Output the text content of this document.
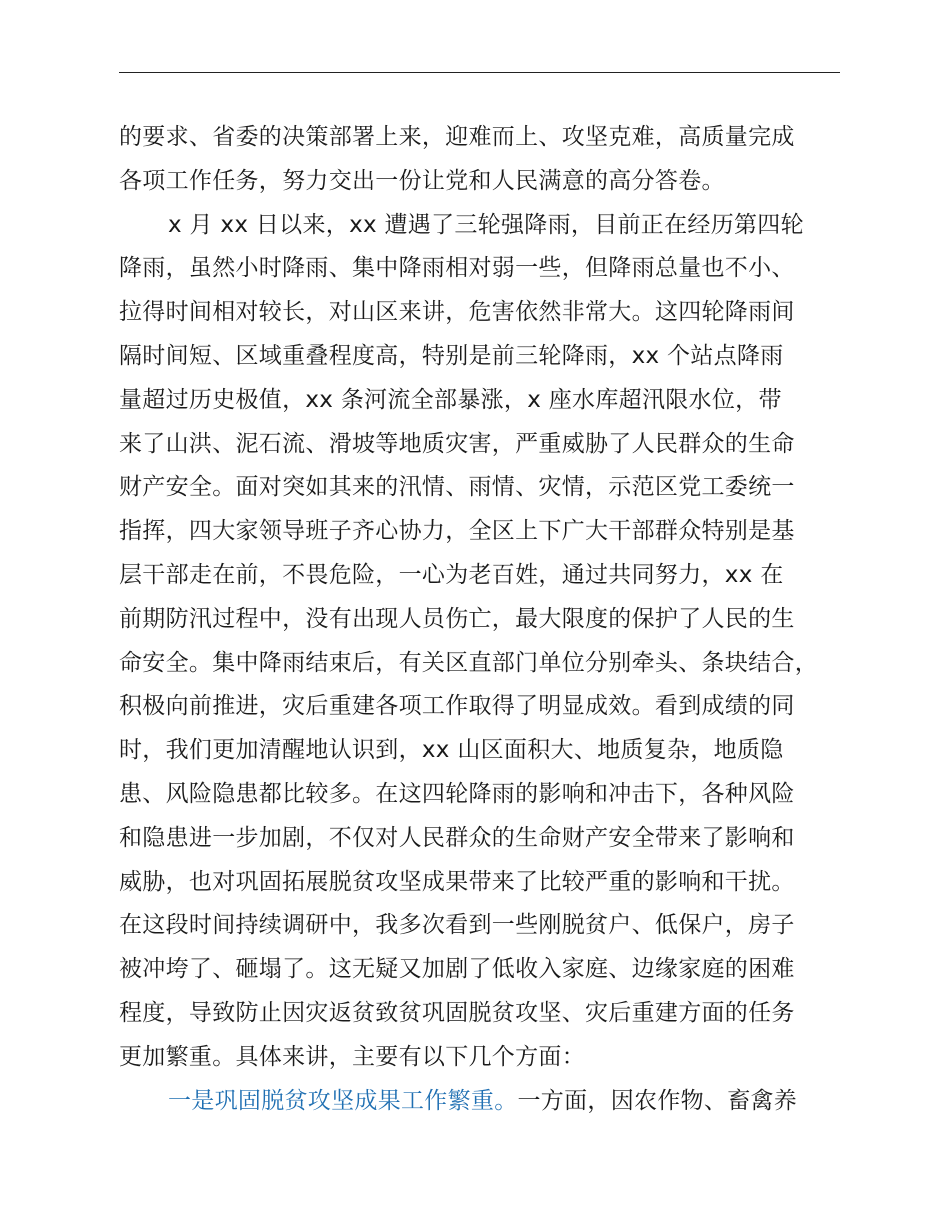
的要求、省委的决策部署上来，迎难而上、攻坚克难，高质量完成
各项工作任务，努力交出一份让党和人民满意的高分答卷。
x 月 xx 日以来，xx 遭遇了三轮强降雨，目前正在经历第四轮
降雨，虽然小时降雨、集中降雨相对弱一些，但降雨总量也不小、
拉得时间相对较长，对山区来讲，危害依然非常大。这四轮降雨间
隔时间短、区域重叠程度高，特别是前三轮降雨，xx 个站点降雨
量超过历史极值，xx 条河流全部暴涨，x 座水库超汛限水位，带
来了山洪、泥石流、滑坡等地质灾害，严重威胁了人民群众的生命
财产安全。面对突如其来的汛情、雨情、灾情，示范区党工委统一
指挥，四大家领导班子齐心协力，全区上下广大干部群众特别是基
层干部走在前，不畏危险，一心为老百姓，通过共同努力，xx 在
前期防汛过程中，没有出现人员伤亡，最大限度的保护了人民的生
命安全。集中降雨结束后，有关区直部门单位分别牵头、条块结合，
积极向前推进，灾后重建各项工作取得了明显成效。看到成绩的同
时，我们更加清醒地认识到，xx 山区面积大、地质复杂，地质隐
患、风险隐患都比较多。在这四轮降雨的影响和冲击下，各种风险
和隐患进一步加剧，不仅对人民群众的生命财产安全带来了影响和
威胁，也对巩固拓展脱贫攻坚成果带来了比较严重的影响和干扰。
在这段时间持续调研中，我多次看到一些刚脱贫户、低保户，房子
被冲垮了、砸塌了。这无疑又加剧了低收入家庭、边缘家庭的困难
程度，导致防止因灾返贫致贫巩固脱贫攻坚、灾后重建方面的任务
更加繁重。具体来讲，主要有以下几个方面：
一是巩固脱贫攻坚成果工作繁重。一方面，因农作物、畜禽养
